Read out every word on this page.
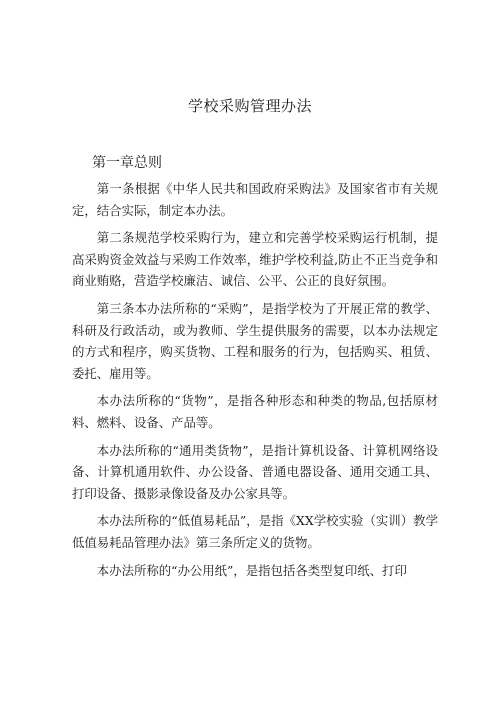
学校采购管理办法
第一章总则

第一条根据《中华人民共和国政府采购法》及国家省市有关规定，结合实际，制定本办法。

第二条规范学校采购行为，建立和完善学校采购运行机制，提高采购资金效益与采购工作效率，维护学校利益,防止不正当竞争和商业贿赂，营造学校廉洁、诚信、公平、公正的良好氛围。

第三条本办法所称的“采购”，是指学校为了开展正常的教学、科研及行政活动，或为教师、学生提供服务的需要，以本办法规定的方式和程序，购买货物、工程和服务的行为，包括购买、租赁、委托、雇用等。

本办法所称的“货物”，是指各种形态和种类的物品,包括原材料、燃料、设备、产品等。

本办法所称的“通用类货物”，是指计算机设备、计算机网络设备、计算机通用软件、办公设备、普通电器设备、通用交通工具、打印设备、摄影录像设备及办公家具等。

本办法所称的“低值易耗品”，是指《XX学校实验（实训）教学低值易耗品管理办法》第三条所定义的货物。

本办法所称的“办公用纸”，是指包括各类型复印纸、打印
